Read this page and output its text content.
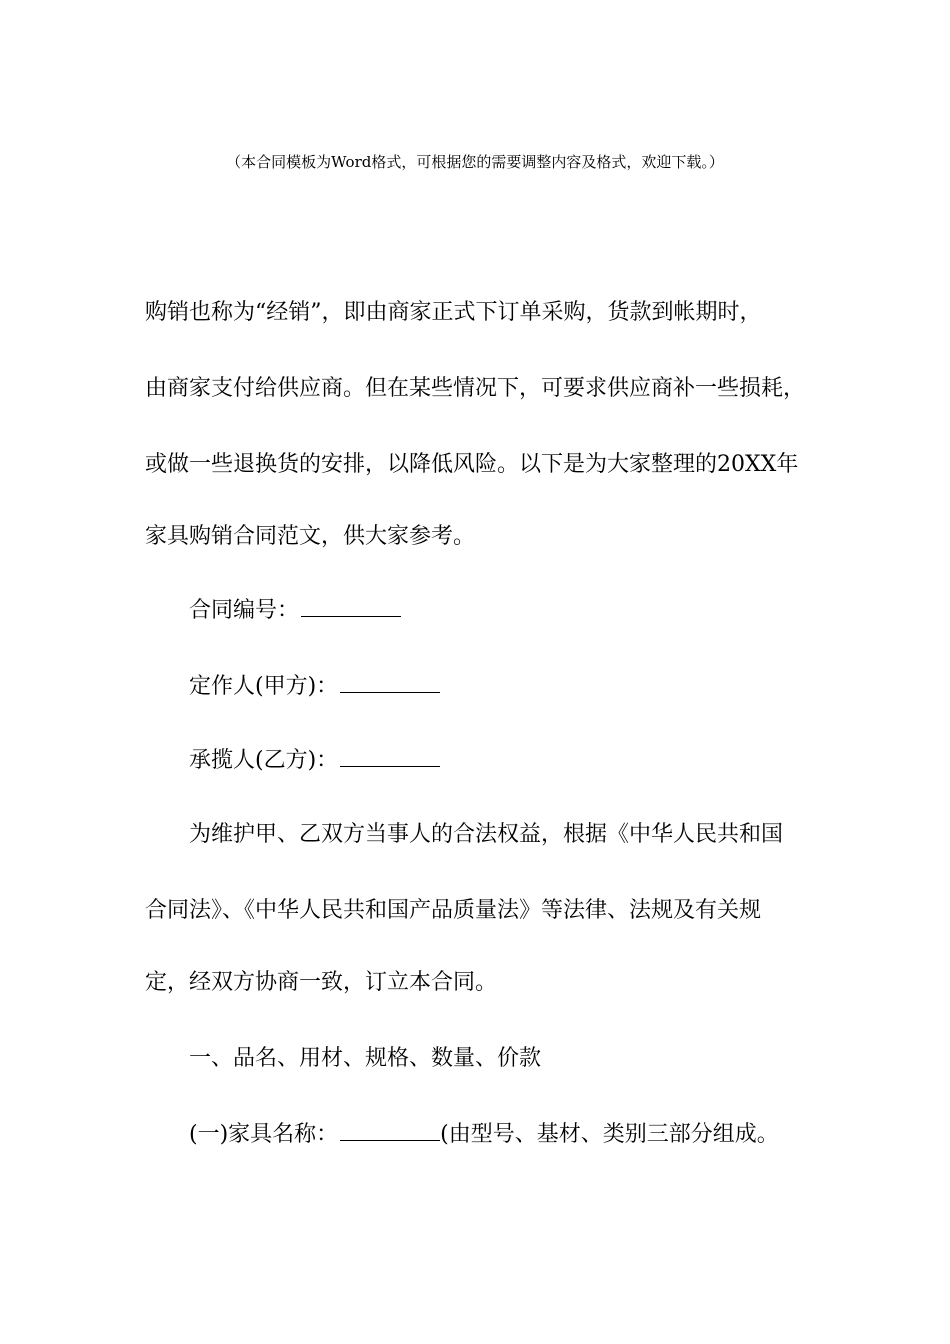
（本合同模板为Word格式，可根据您的需要调整内容及格式，欢迎下载。）
购销也称为“经销”，即由商家正式下订单采购，货款到帐期时，
由商家支付给供应商。但在某些情况下，可要求供应商补一些损耗，
或做一些退换货的安排，以降低风险。以下是为大家整理的20XX年
家具购销合同范文，供大家参考。
合同编号：
定作人(甲方)：
承揽人(乙方)：
为维护甲、乙双方当事人的合法权益，根据《中华人民共和国
合同法》、《中华人民共和国产品质量法》等法律、法规及有关规
定，经双方协商一致，订立本合同。
一、品名、用材、规格、数量、价款
(一)家具名称：	(由型号、基材、类别三部分组成。
